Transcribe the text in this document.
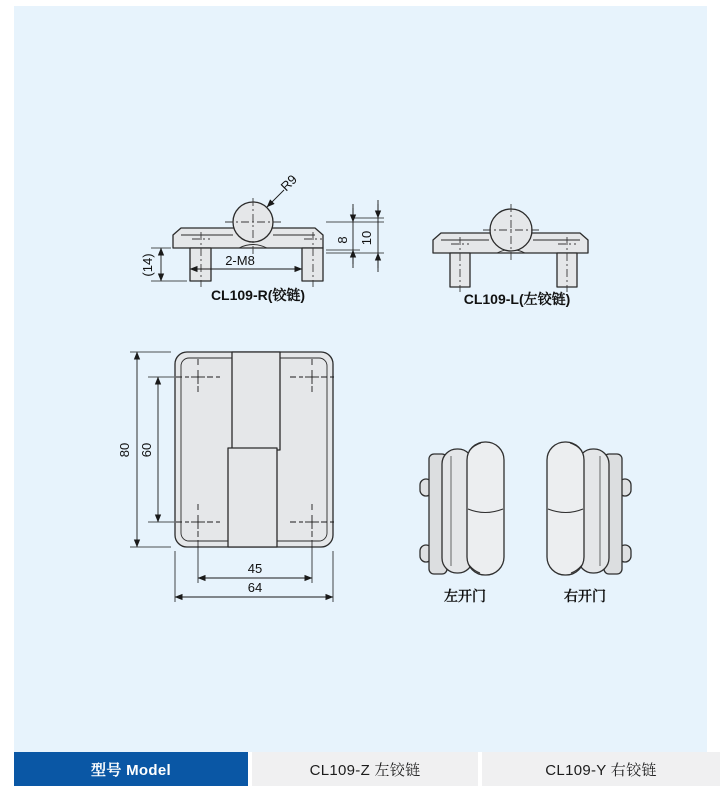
R9
(14)	2-M8
8 10
CL109-R(铰链)	CL109-L(左铰链)
80 60
45
64
左开门	右开门
型号 Model	CL109-Z 左铰链	CL109-Y 右铰链
